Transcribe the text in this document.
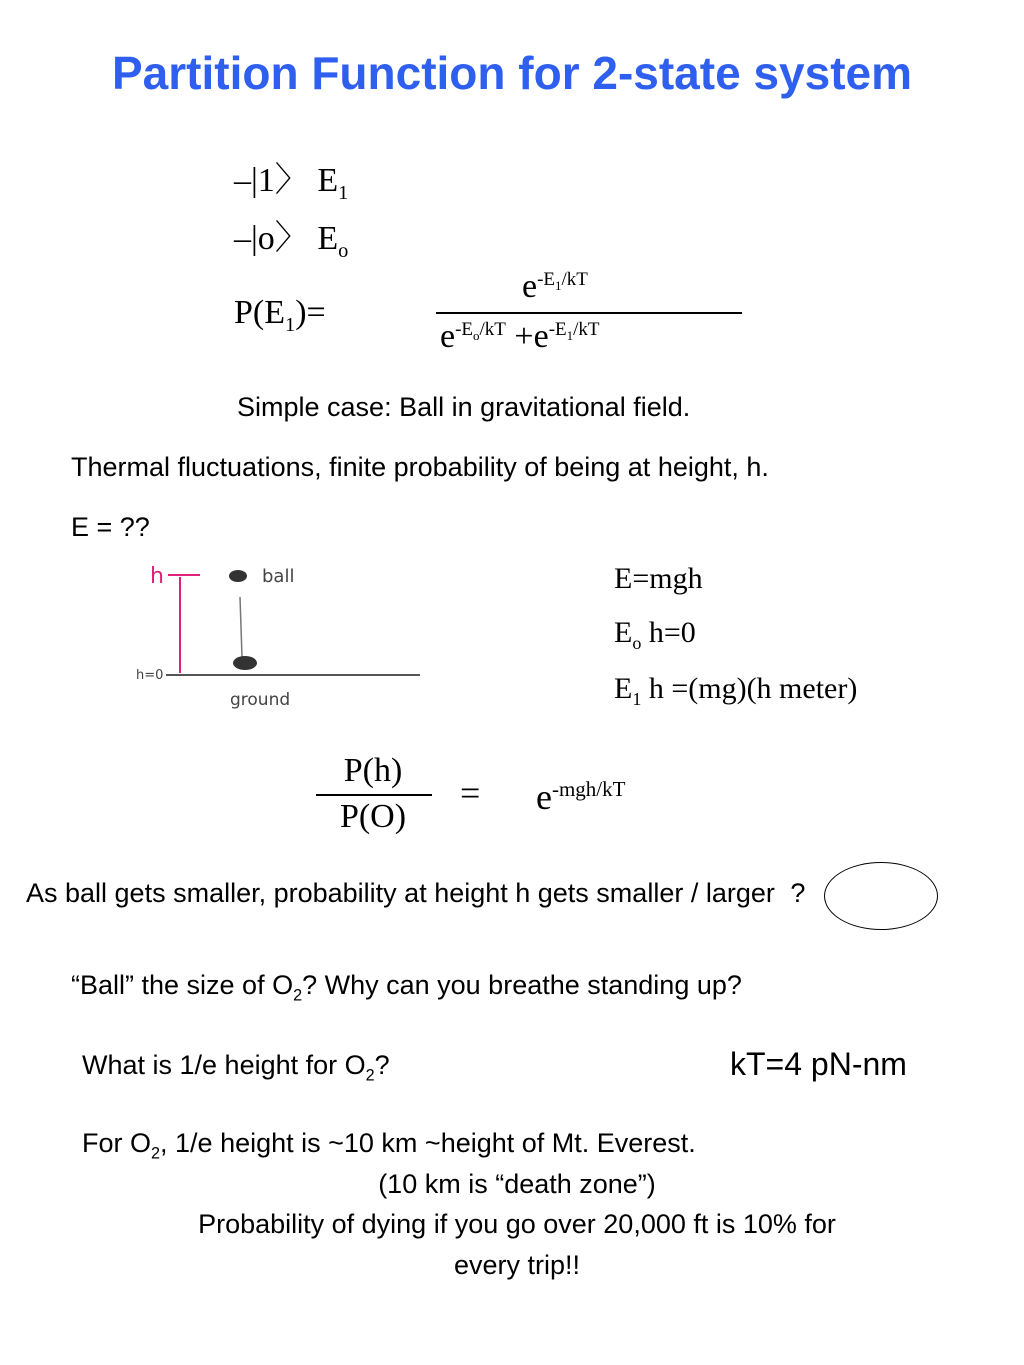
Partition Function for 2-state system
–|1〉 $E_1$
–|o〉 $E_o$
$P(E_1)=$
$e^{-E_1/kT}$
$e^{-E_o/kT} +e^{-E_1/kT}$
Simple case: Ball in gravitational field.
Thermal fluctuations, finite probability of being at height, h.
E = ??
h	ball
h=0
ground
E=mgh
$E_o$ h=0
$E_1$ h =(mg)(h meter)
P(h)
P(O)
= $e^{-mgh/kT}$
As ball gets smaller, probability at height h gets smaller / larger ?
“Ball” the size of $O_2$? Why can you breathe standing up?
What is 1/e height for $O_2$?	kT=4 pN-nm
For $O_2$, 1/e height is ~10 km ~height of Mt. Everest.
(10 km is “death zone”)
Probability of dying if you go over 20,000 ft is 10% for
every trip!!
